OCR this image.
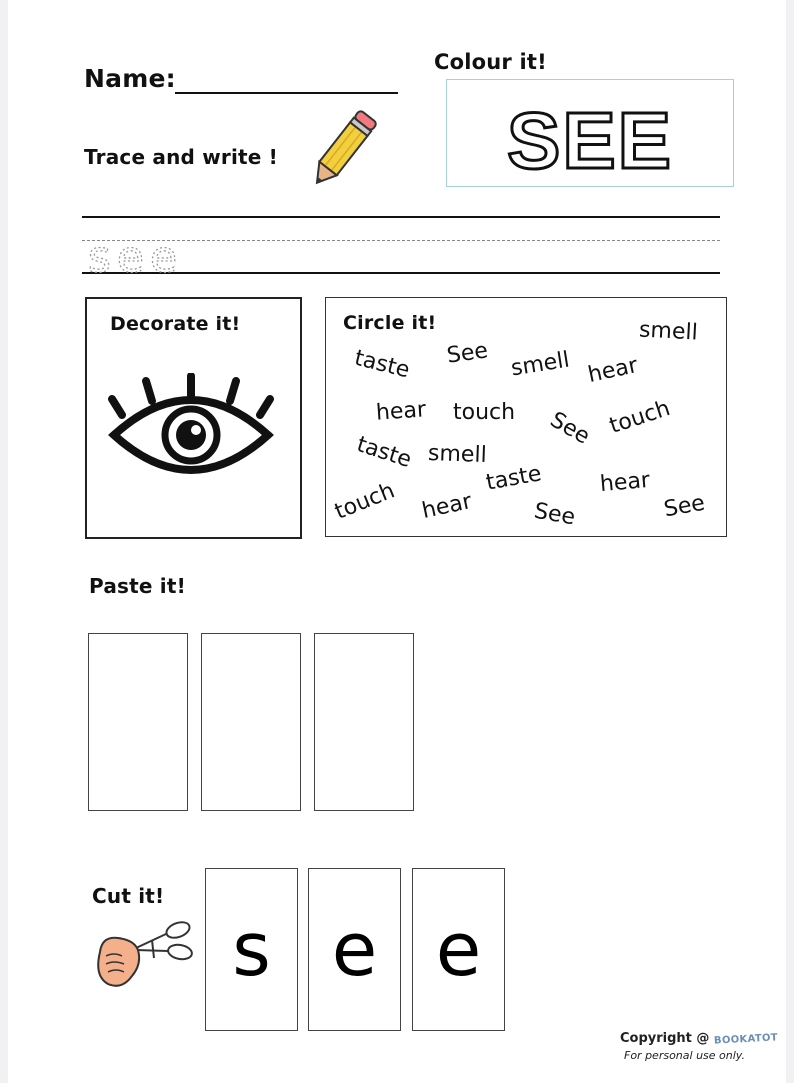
Name:
Colour it!
SEE
Trace and write !
see
Decorate it!	Circle it!	smell
taste See smell hear
hear touch See touch
taste smell
touch hear
taste	hear
See	See
Paste it!
Cut it!
s e e
Copyright @ BOOKATOT
For personal use only.
